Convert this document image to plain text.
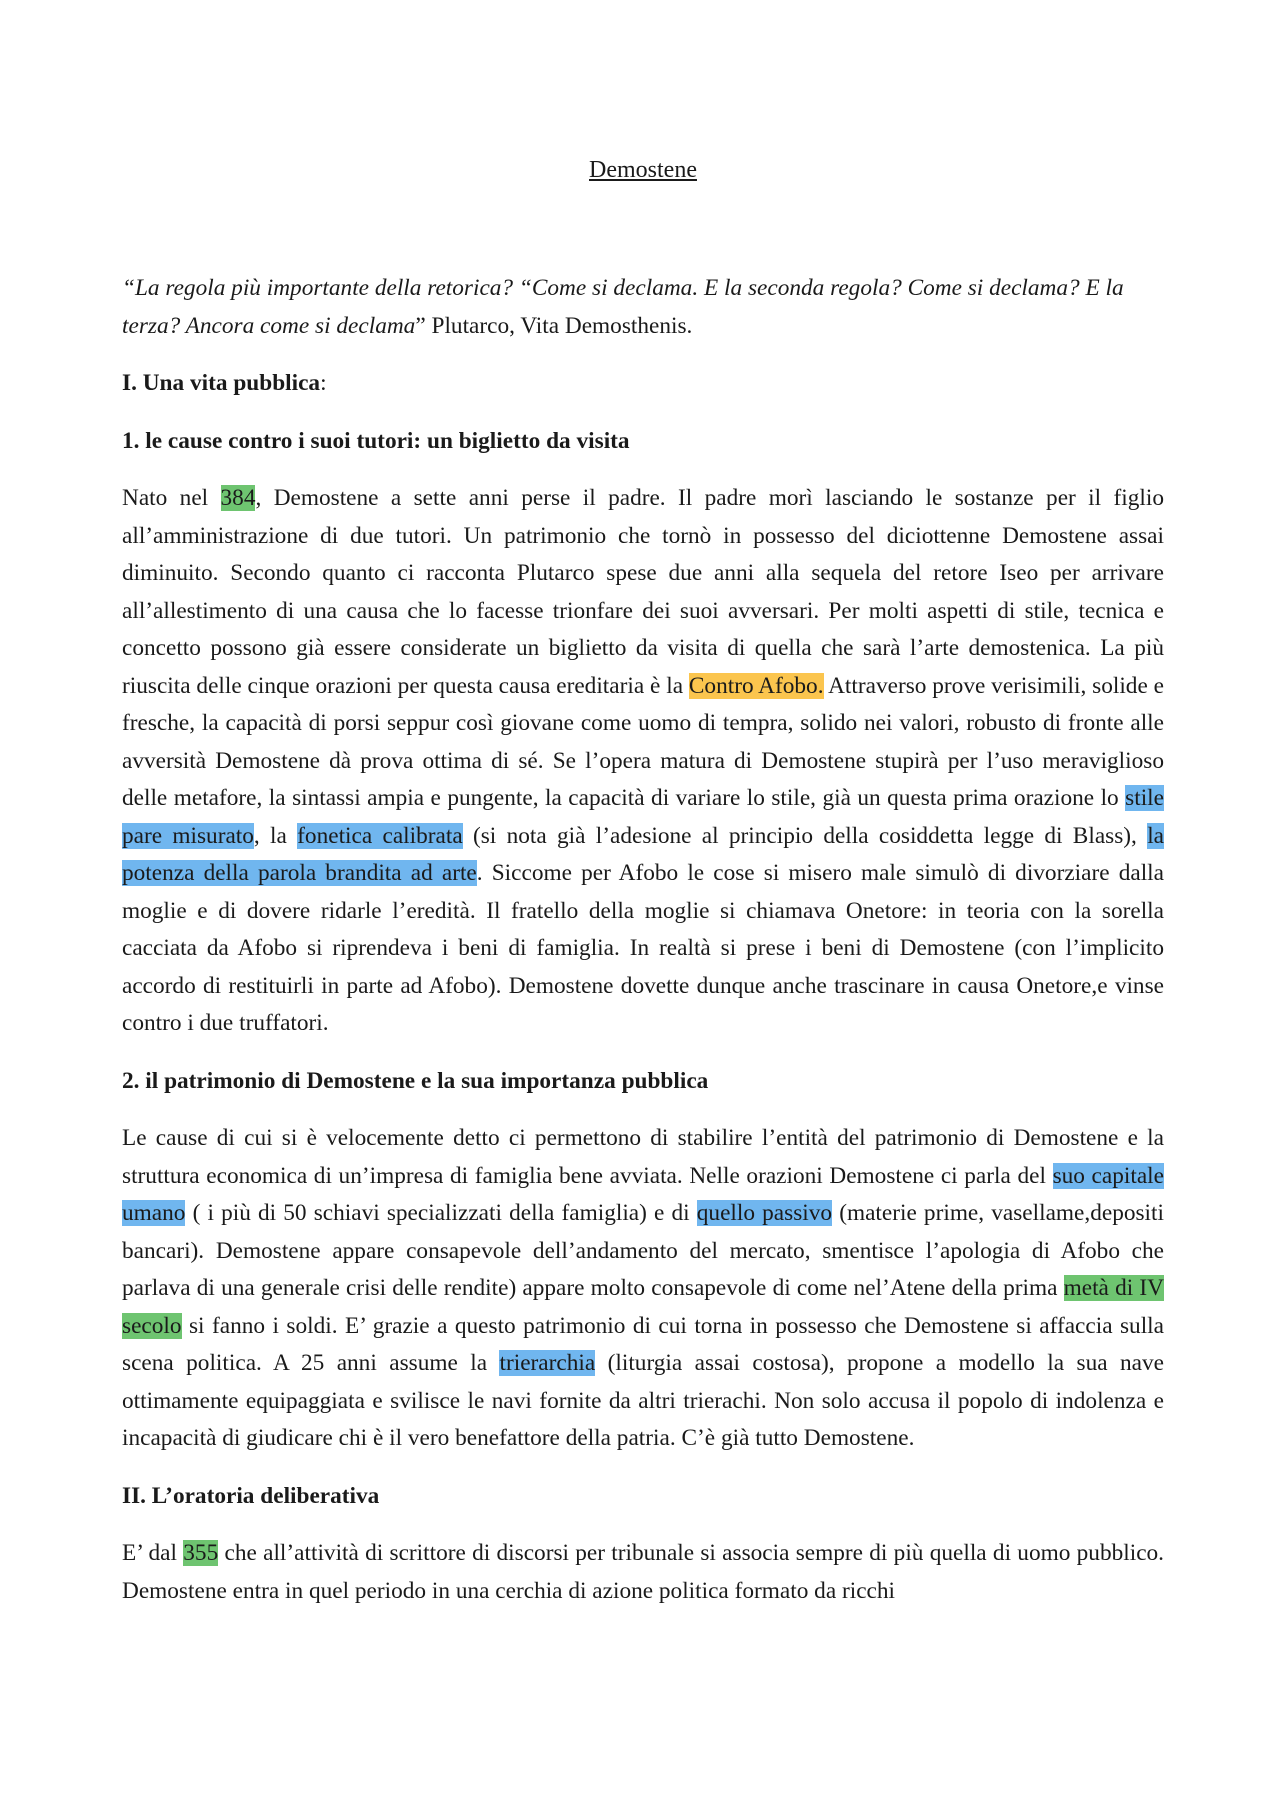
Demostene

“La regola più importante della retorica? “Come si declama. E la seconda regola? Come si declama? E la terza? Ancora come si declama” Plutarco, Vita Demosthenis.

I. Una vita pubblica:

1. le cause contro i suoi tutori: un biglietto da visita

Nato nel 384, Demostene a sette anni perse il padre. Il padre morì lasciando le sostanze per il figlio all’amministrazione di due tutori. Un patrimonio che tornò in possesso del diciottenne Demostene assai diminuito. Secondo quanto ci racconta Plutarco spese due anni alla sequela del retore Iseo per arrivare all’allestimento di una causa che lo facesse trionfare dei suoi avversari. Per molti aspetti di stile, tecnica e concetto possono già essere considerate un biglietto da visita di quella che sarà l’arte demostenica. La più riuscita delle cinque orazioni per questa causa ereditaria è la Contro Afobo. Attraverso prove verisimili, solide e fresche, la capacità di porsi seppur così giovane come uomo di tempra, solido nei valori, robusto di fronte alle avversità Demostene dà prova ottima di sé. Se l’opera matura di Demostene stupirà per l’uso meraviglioso delle metafore, la sintassi ampia e pungente, la capacità di variare lo stile, già un questa prima orazione lo stile pare misurato, la fonetica calibrata (si nota già l’adesione al principio della cosiddetta legge di Blass), la potenza della parola brandita ad arte. Siccome per Afobo le cose si misero male simulò di divorziare dalla moglie e di dovere ridarle l’eredità. Il fratello della moglie si chiamava Onetore: in teoria con la sorella cacciata da Afobo si riprendeva i beni di famiglia. In realtà si prese i beni di Demostene (con l’implicito accordo di restituirli in parte ad Afobo). Demostene dovette dunque anche trascinare in causa Onetore,e vinse contro i due truffatori.

2. il patrimonio di Demostene e la sua importanza pubblica

Le cause di cui si è velocemente detto ci permettono di stabilire l’entità del patrimonio di Demostene e la struttura economica di un’impresa di famiglia bene avviata. Nelle orazioni Demostene ci parla del suo capitale umano ( i più di 50 schiavi specializzati della famiglia) e di quello passivo (materie prime, vasellame,depositi bancari). Demostene appare consapevole dell’andamento del mercato, smentisce l’apologia di Afobo che parlava di una generale crisi delle rendite) appare molto consapevole di come nel’Atene della prima metà di IV secolo si fanno i soldi. E’ grazie a questo patrimonio di cui torna in possesso che Demostene si affaccia sulla scena politica. A 25 anni assume la trierarchia (liturgia assai costosa), propone a modello la sua nave ottimamente equipaggiata e svilisce le navi fornite da altri trierachi. Non solo accusa il popolo di indolenza e incapacità di giudicare chi è il vero benefattore della patria. C’è già tutto Demostene.

II. L’oratoria deliberativa

E’ dal 355 che all’attività di scrittore di discorsi per tribunale si associa sempre di più quella di uomo pubblico. Demostene entra in quel periodo in una cerchia di azione politica formato da ricchi
